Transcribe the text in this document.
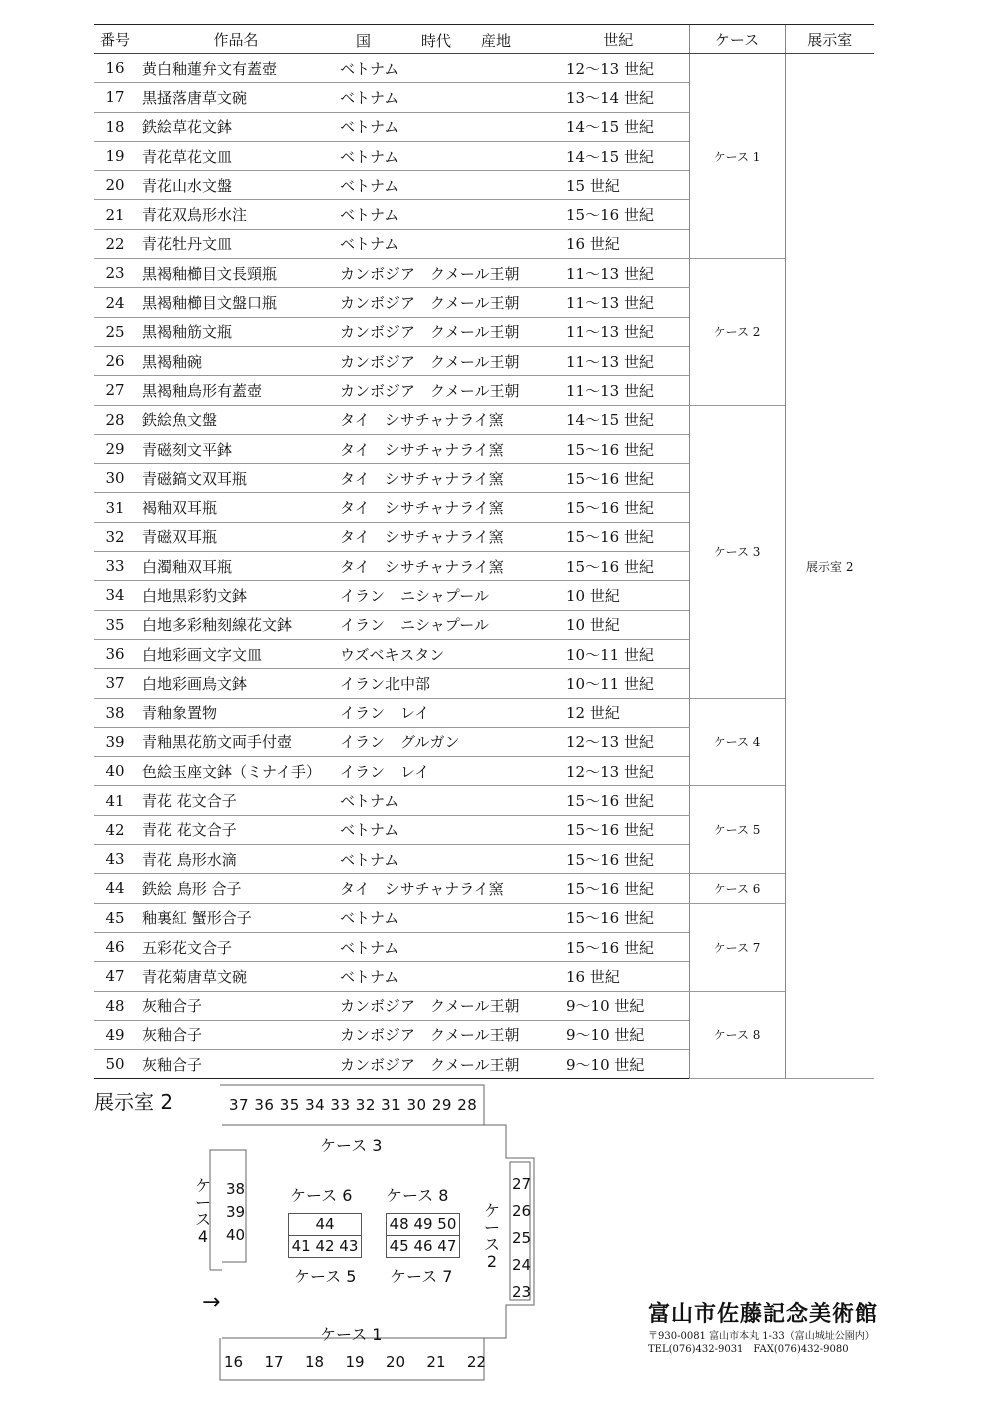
番号	作品名	国 時代 産地	世紀	ケース	展示室
16	黄白釉蓮弁文有蓋壺	ベトナム	12〜13 世紀	ケース 1	展示室 2
17	黒搔落唐草文碗	ベトナム	13〜14 世紀		
18	鉄絵草花文鉢	ベトナム	14〜15 世紀		
19	青花草花文皿	ベトナム	14〜15 世紀		
20	青花山水文盤	ベトナム	15 世紀		
21	青花双鳥形水注	ベトナム	15〜16 世紀		
22	青花牡丹文皿	ベトナム	16 世紀		
23	黒褐釉櫛目文長頸瓶	カンボジア　クメール王朝	11〜13 世紀	ケース 2	
24	黒褐釉櫛目文盤口瓶	カンボジア　クメール王朝	11〜13 世紀		
25	黒褐釉筋文瓶	カンボジア　クメール王朝	11〜13 世紀		
26	黒褐釉碗	カンボジア　クメール王朝	11〜13 世紀		
27	黒褐釉鳥形有蓋壺	カンボジア　クメール王朝	11〜13 世紀		
28	鉄絵魚文盤	タイ　シサチャナライ窯	14〜15 世紀	ケース 3	
29	青磁刻文平鉢	タイ　シサチャナライ窯	15〜16 世紀		
30	青磁鎬文双耳瓶	タイ　シサチャナライ窯	15〜16 世紀		
31	褐釉双耳瓶	タイ　シサチャナライ窯	15〜16 世紀		
32	青磁双耳瓶	タイ　シサチャナライ窯	15〜16 世紀		
33	白濁釉双耳瓶	タイ　シサチャナライ窯	15〜16 世紀		
34	白地黒彩豹文鉢	イラン　ニシャプール	10 世紀		
35	白地多彩釉刻線花文鉢	イラン　ニシャプール	10 世紀		
36	白地彩画文字文皿	ウズベキスタン	10〜11 世紀		
37	白地彩画鳥文鉢	イラン北中部	10〜11 世紀		
38	青釉象置物	イラン　レイ	12 世紀	ケース 4	
39	青釉黒花筋文両手付壺	イラン　グルガン	12〜13 世紀		
40	色絵玉座文鉢（ミナイ手）	イラン　レイ	12〜13 世紀		
41	青花 花文合子	ベトナム	15〜16 世紀	ケース 5	
42	青花 花文合子	ベトナム	15〜16 世紀		
43	青花 鳥形水滴	ベトナム	15〜16 世紀		
44	鉄絵 鳥形 合子	タイ　シサチャナライ窯	15〜16 世紀	ケース 6	
45	釉裏紅 蟹形合子	ベトナム	15〜16 世紀	ケース 7	
46	五彩花文合子	ベトナム	15〜16 世紀		
47	青花菊唐草文碗	ベトナム	16 世紀		
48	灰釉合子	カンボジア　クメール王朝	9〜10 世紀	ケース 8	
49	灰釉合子	カンボジア　クメール王朝	9〜10 世紀		
50	灰釉合子	カンボジア　クメール王朝	9〜10 世紀		
展示室 2	37 36 35 34 33 32 31 30 29 28
ケース 3
ケース4
38
39
40
ケース2
27
26
25
24
23
ケース 6 ケース 8
44
41 42 43
48 49 50
45 46 47
ケース 5 ケース 7
→
ケース 1
16 17 18 19 20 21 22
富山市佐藤記念美術館
〒930-0081 富山市本丸 1-33（富山城址公園内）
TEL(076)432-9031　FAX(076)432-9080
